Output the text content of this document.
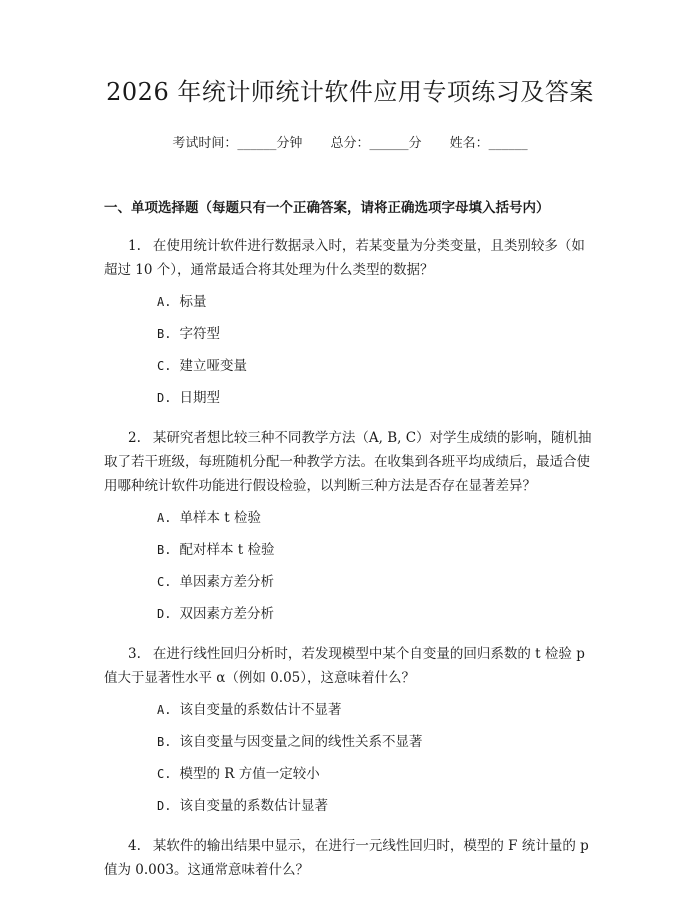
2026 年统计师统计软件应用专项练习及答案
考试时间：______分钟 总分：______分 姓名：______
一、单项选择题（每题只有一个正确答案，请将正确选项字母填入括号内）
1. 在使用统计软件进行数据录入时，若某变量为分类变量，且类别较多（如超过 10 个），通常最适合将其处理为什么类型的数据？
A. 标量
B. 字符型
C. 建立哑变量
D. 日期型
2. 某研究者想比较三种不同教学方法（A, B, C）对学生成绩的影响，随机抽取了若干班级，每班随机分配一种教学方法。在收集到各班平均成绩后，最适合使用哪种统计软件功能进行假设检验，以判断三种方法是否存在显著差异？
A. 单样本 t 检验
B. 配对样本 t 检验
C. 单因素方差分析
D. 双因素方差分析
3. 在进行线性回归分析时，若发现模型中某个自变量的回归系数的 t 检验 p 值大于显著性水平 α（例如 0.05），这意味着什么？
A. 该自变量的系数估计不显著
B. 该自变量与因变量之间的线性关系不显著
C. 模型的 R 方值一定较小
D. 该自变量的系数估计显著
4. 某软件的输出结果中显示，在进行一元线性回归时，模型的 F 统计量的 p 值为 0.003。这通常意味着什么？
